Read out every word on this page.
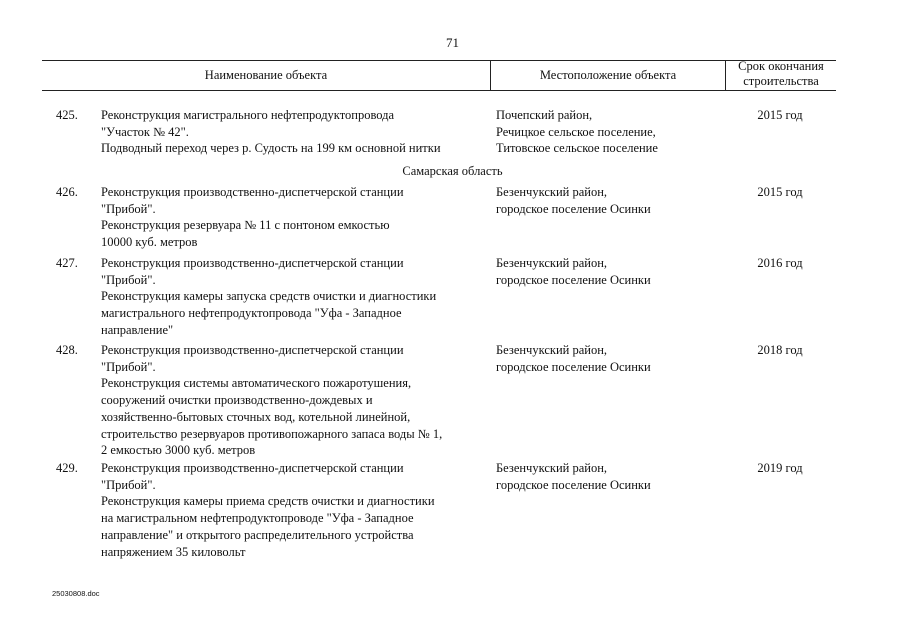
71
Наименование объекта	Местоположение объекта
Срок окончания
строительства
425. Реконструкция магистрального нефтепродуктопровода
"Участок № 42".
Подводный переход через р. Судость на 199 км основной нитки
Почепский район,
Речицкое сельское поселение,
Титовское сельское поселение
2015 год
Самарская область
426. Реконструкция производственно-диспетчерской станции
"Прибой".
Реконструкция резервуара № 11 с понтоном емкостью
10000 куб. метров
Безенчукский район,
городское поселение Осинки
2015 год
427. Реконструкция производственно-диспетчерской станции
"Прибой".
Реконструкция камеры запуска средств очистки и диагностики
магистрального нефтепродуктопровода "Уфа - Западное
направление"
Безенчукский район,
городское поселение Осинки
2016 год
428. Реконструкция производственно-диспетчерской станции
"Прибой".
Реконструкция системы автоматического пожаротушения,
сооружений очистки производственно-дождевых и
хозяйственно-бытовых сточных вод, котельной линейной,
строительство резервуаров противопожарного запаса воды № 1,
2 емкостью 3000 куб. метров
Безенчукский район,
городское поселение Осинки
2018 год
429. Реконструкция производственно-диспетчерской станции
"Прибой".
Реконструкция камеры приема средств очистки и диагностики
на магистральном нефтепродуктопроводе "Уфа - Западное
направление" и открытого распределительного устройства
напряжением 35 киловольт
Безенчукский район,
городское поселение Осинки
2019 год
25030808.doc
